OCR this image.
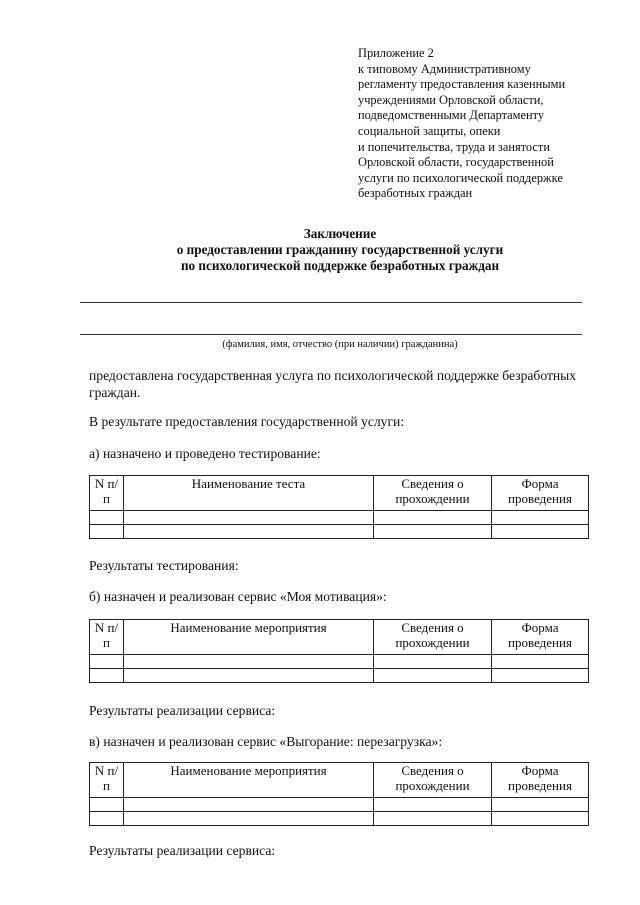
Приложение 2
к типовому Административному
регламенту предоставления казенными
учреждениями Орловской области,
подведомственными Департаменту
социальной защиты, опеки
и попечительства, труда и занятости
Орловской области, государственной
услуги по психологической поддержке
безработных граждан
Заключение
о предоставлении гражданину государственной услуги
по психологической поддержке безработных граждан
(фамилия, имя, отчество (при наличии) гражданина)
предоставлена государственная услуга по психологической поддержке безработных
граждан.
В результате предоставления государственной услуги:
а) назначено и проведено тестирование:
N п/п	Наименование теста	Сведения о прохождении	Форма проведения

Результаты тестирования:
б) назначен и реализован сервис «Моя мотивация»:
N п/п	Наименование мероприятия	Сведения о прохождении	Форма проведения

Результаты реализации сервиса:
в) назначен и реализован сервис «Выгорание: перезагрузка»:
N п/п	Наименование мероприятия	Сведения о прохождении	Форма проведения

Результаты реализации сервиса:
